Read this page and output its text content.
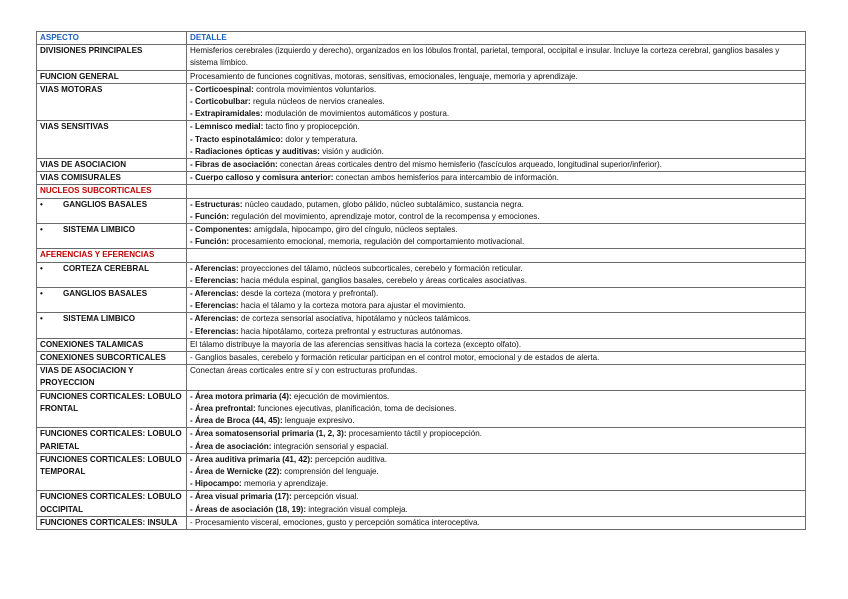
ASPECTO	DETALLE
DIVISIONES PRINCIPALES	Hemisferios cerebrales (izquierdo y derecho), organizados en los lóbulos frontal, parietal, temporal, occipital e insular. Incluye la corteza cerebral, ganglios basales y sistema límbico.

FUNCION GENERAL	Procesamiento de funciones cognitivas, motoras, sensitivas, emocionales, lenguaje, memoria y aprendizaje.

VIAS MOTORAS	- Corticoespinal: controla movimientos voluntarios.
- Corticobulbar: regula núcleos de nervios craneales.
- Extrapiramidales: modulación de movimientos automáticos y postura.

VIAS SENSITIVAS	- Lemnisco medial: tacto fino y propiocepción.
- Tracto espinotalámico: dolor y temperatura.
- Radiaciones ópticas y auditivas: visión y audición.

VIAS DE ASOCIACION	- Fibras de asociación: conectan áreas corticales dentro del mismo hemisferio (fascículos arqueado, longitudinal superior/inferior).

VIAS COMISURALES	- Cuerpo calloso y comisura anterior: conectan ambos hemisferios para intercambio de información.

NUCLEOS SUBCORTICALES	
• GANGLIOS BASALES	- Estructuras: núcleo caudado, putamen, globo pálido, núcleo subtalámico, sustancia negra.
- Función: regulación del movimiento, aprendizaje motor, control de la recompensa y emociones.

• SISTEMA LIMBICO	- Componentes: amígdala, hipocampo, giro del cíngulo, núcleos septales.
- Función: procesamiento emocional, memoria, regulación del comportamiento motivacional.

AFERENCIAS Y EFERENCIAS	
• CORTEZA CEREBRAL	- Aferencias: proyecciones del tálamo, núcleos subcorticales, cerebelo y formación reticular.
- Eferencias: hacia médula espinal, ganglios basales, cerebelo y áreas corticales asociativas.

• GANGLIOS BASALES	- Aferencias: desde la corteza (motora y prefrontal).
- Eferencias: hacia el tálamo y la corteza motora para ajustar el movimiento.

• SISTEMA LIMBICO	- Aferencias: de corteza sensorial asociativa, hipotálamo y núcleos talámicos.
- Eferencias: hacia hipotálamo, corteza prefrontal y estructuras autónomas.

CONEXIONES TALAMICAS	El tálamo distribuye la mayoría de las aferencias sensitivas hacia la corteza (excepto olfato).

CONEXIONES SUBCORTICALES	- Ganglios basales, cerebelo y formación reticular participan en el control motor, emocional y de estados de alerta.

VIAS DE ASOCIACION Y PROYECCION	Conectan áreas corticales entre sí y con estructuras profundas.

FUNCIONES CORTICALES: LOBULO FRONTAL	- Área motora primaria (4): ejecución de movimientos.
- Área prefrontal: funciones ejecutivas, planificación, toma de decisiones.
- Área de Broca (44, 45): lenguaje expresivo.

FUNCIONES CORTICALES: LOBULO PARIETAL	- Área somatosensorial primaria (1, 2, 3): procesamiento táctil y propiocepción.
- Área de asociación: integración sensorial y espacial.

FUNCIONES CORTICALES: LOBULO TEMPORAL	- Área auditiva primaria (41, 42): percepción auditiva.
- Área de Wernicke (22): comprensión del lenguaje.
- Hipocampo: memoria y aprendizaje.

FUNCIONES CORTICALES: LOBULO OCCIPITAL	- Área visual primaria (17): percepción visual.
- Áreas de asociación (18, 19): integración visual compleja.

FUNCIONES CORTICALES: INSULA	- Procesamiento visceral, emociones, gusto y percepción somática interoceptiva.
